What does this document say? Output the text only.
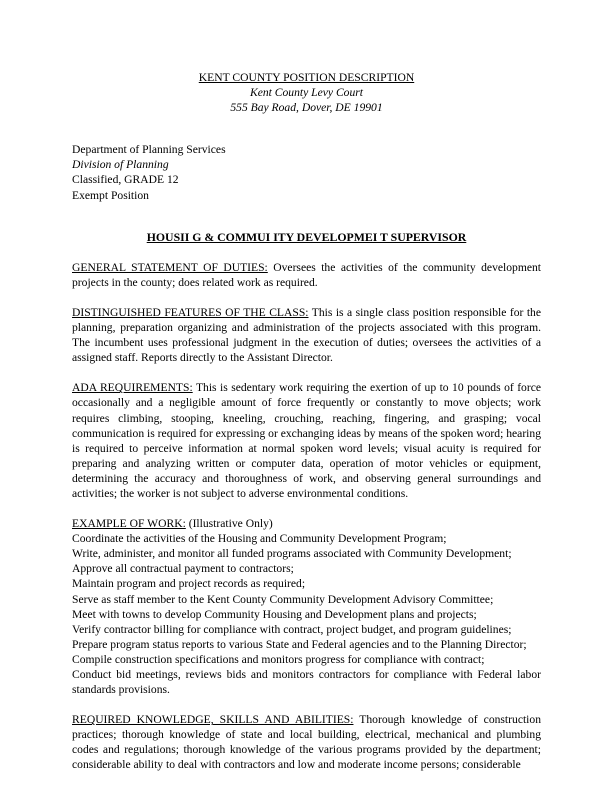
KENT COUNTY POSITION DESCRIPTION

Kent County Levy Court

555 Bay Road, Dover, DE 19901

Department of Planning Services

Division of Planning

Classified, GRADE 12

Exempt Position

HOUSII G & COMMUI ITY DEVELOPMEI T SUPERVISOR

GENERAL STATEMENT OF DUTIES: Oversees the activities of the community development projects in the county; does related work as required.

DISTINGUISHED FEATURES OF THE CLASS: This is a single class position responsible for the planning, preparation organizing and administration of the projects associated with this program. The incumbent uses professional judgment in the execution of duties; oversees the activities of a assigned staff. Reports directly to the Assistant Director.

ADA REQUIREMENTS: This is sedentary work requiring the exertion of up to 10 pounds of force occasionally and a negligible amount of force frequently or constantly to move objects; work requires climbing, stooping, kneeling, crouching, reaching, fingering, and grasping; vocal communication is required for expressing or exchanging ideas by means of the spoken word; hearing is required to perceive information at normal spoken word levels; visual acuity is required for preparing and analyzing written or computer data, operation of motor vehicles or equipment, determining the accuracy and thoroughness of work, and observing general surroundings and activities; the worker is not subject to adverse environmental conditions.

EXAMPLE OF WORK: (Illustrative Only)

Coordinate the activities of the Housing and Community Development Program;

Write, administer, and monitor all funded programs associated with Community Development;

Approve all contractual payment to contractors;

Maintain program and project records as required;

Serve as staff member to the Kent County Community Development Advisory Committee;

Meet with towns to develop Community Housing and Development plans and projects;

Verify contractor billing for compliance with contract, project budget, and program guidelines;

Prepare program status reports to various State and Federal agencies and to the Planning Director;

Compile construction specifications and monitors progress for compliance with contract;

Conduct bid meetings, reviews bids and monitors contractors for compliance with Federal labor standards provisions.

REQUIRED KNOWLEDGE, SKILLS AND ABILITIES: Thorough knowledge of construction practices; thorough knowledge of state and local building, electrical, mechanical and plumbing codes and regulations; thorough knowledge of the various programs provided by the department; considerable ability to deal with contractors and low and moderate income persons; considerable
